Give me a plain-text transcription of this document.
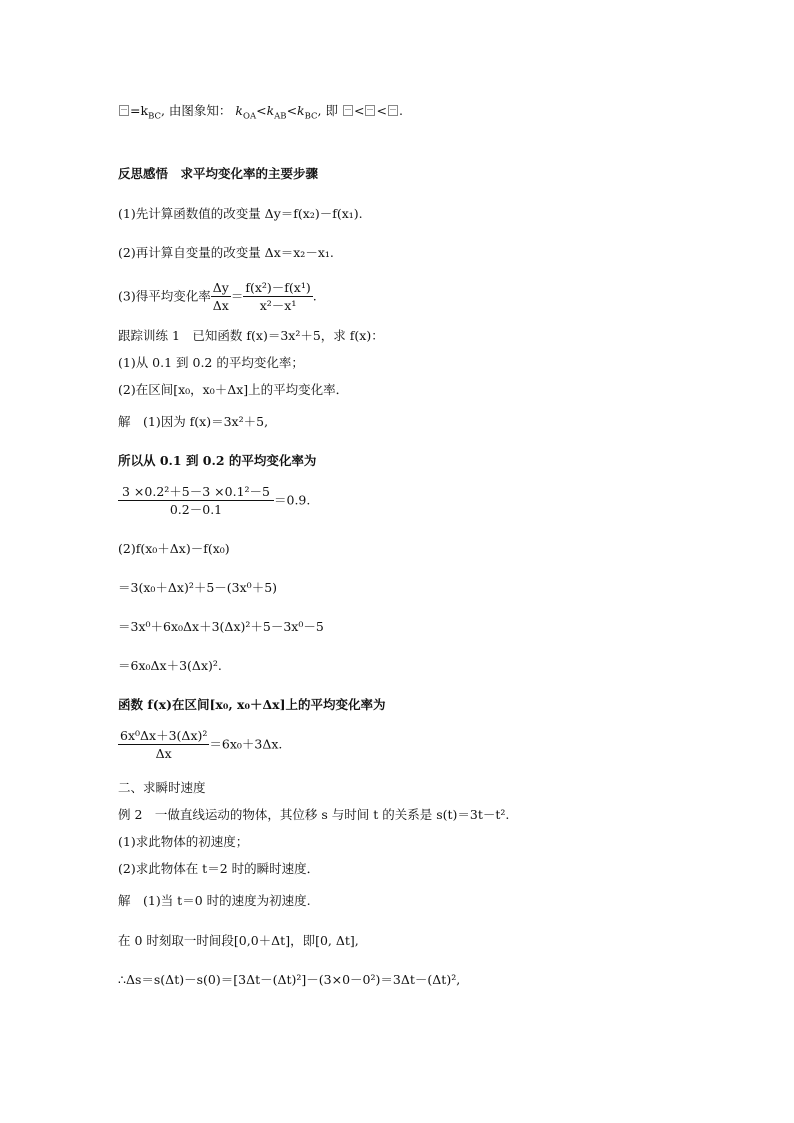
$=k_{BC}$, 由图象知： $k_{OA}<k_{AB}<k_{BC}$, 即 < < .
反思感悟　求平均变化率的主要步骤
(1)先计算函数值的改变量 Δy＝f(x₂)－f(x₁).
(2)再计算自变量的改变量 Δx＝x₂－x₁.
(3)得平均变化率 $\frac{\Delta y}{\Delta x} = \frac{\text{f(x²)－f(x¹)}}{\text{x²－x¹}}$ .
跟踪训练 1　已知函数 f(x)＝3x²＋5，求 f(x)：
(1)从 0.1 到 0.2 的平均变化率；
(2)在区间[x₀，x₀＋Δx]上的平均变化率．
解　(1)因为 f(x)＝3x²＋5,
所以从 0.1 到 0.2 的平均变化率为
$\frac{\text{3 ×0.2²＋5－3 ×0.1²－5}}{0.2-0.1} =0.9$.
(2)f(x₀＋Δx)－f(x₀)
＝3(x₀＋Δx)²＋5－(3x⁰＋5)
＝3x⁰＋6x₀Δx＋3(Δx)²＋5－3x⁰－5
＝6x₀Δx＋3(Δx)².
函数 f(x)在区间[x₀, x₀＋Δx]上的平均变化率为
$\frac{\text{6x⁰Δx＋3(Δx)²}}{\Delta x} =6x_0+3\Delta x$.
二、求瞬时速度
例 2　一做直线运动的物体，其位移 s 与时间 t 的关系是 s(t)＝3t－t².
(1)求此物体的初速度；
(2)求此物体在 t＝2 时的瞬时速度．
解　(1)当 t＝0 时的速度为初速度.
在 0 时刻取一时间段[0,0＋Δt]，即[0, Δt],
∴Δs＝s(Δt)－s(0)＝[3Δt－(Δt)²]－(3×0－0²)＝3Δt－(Δt)²,
